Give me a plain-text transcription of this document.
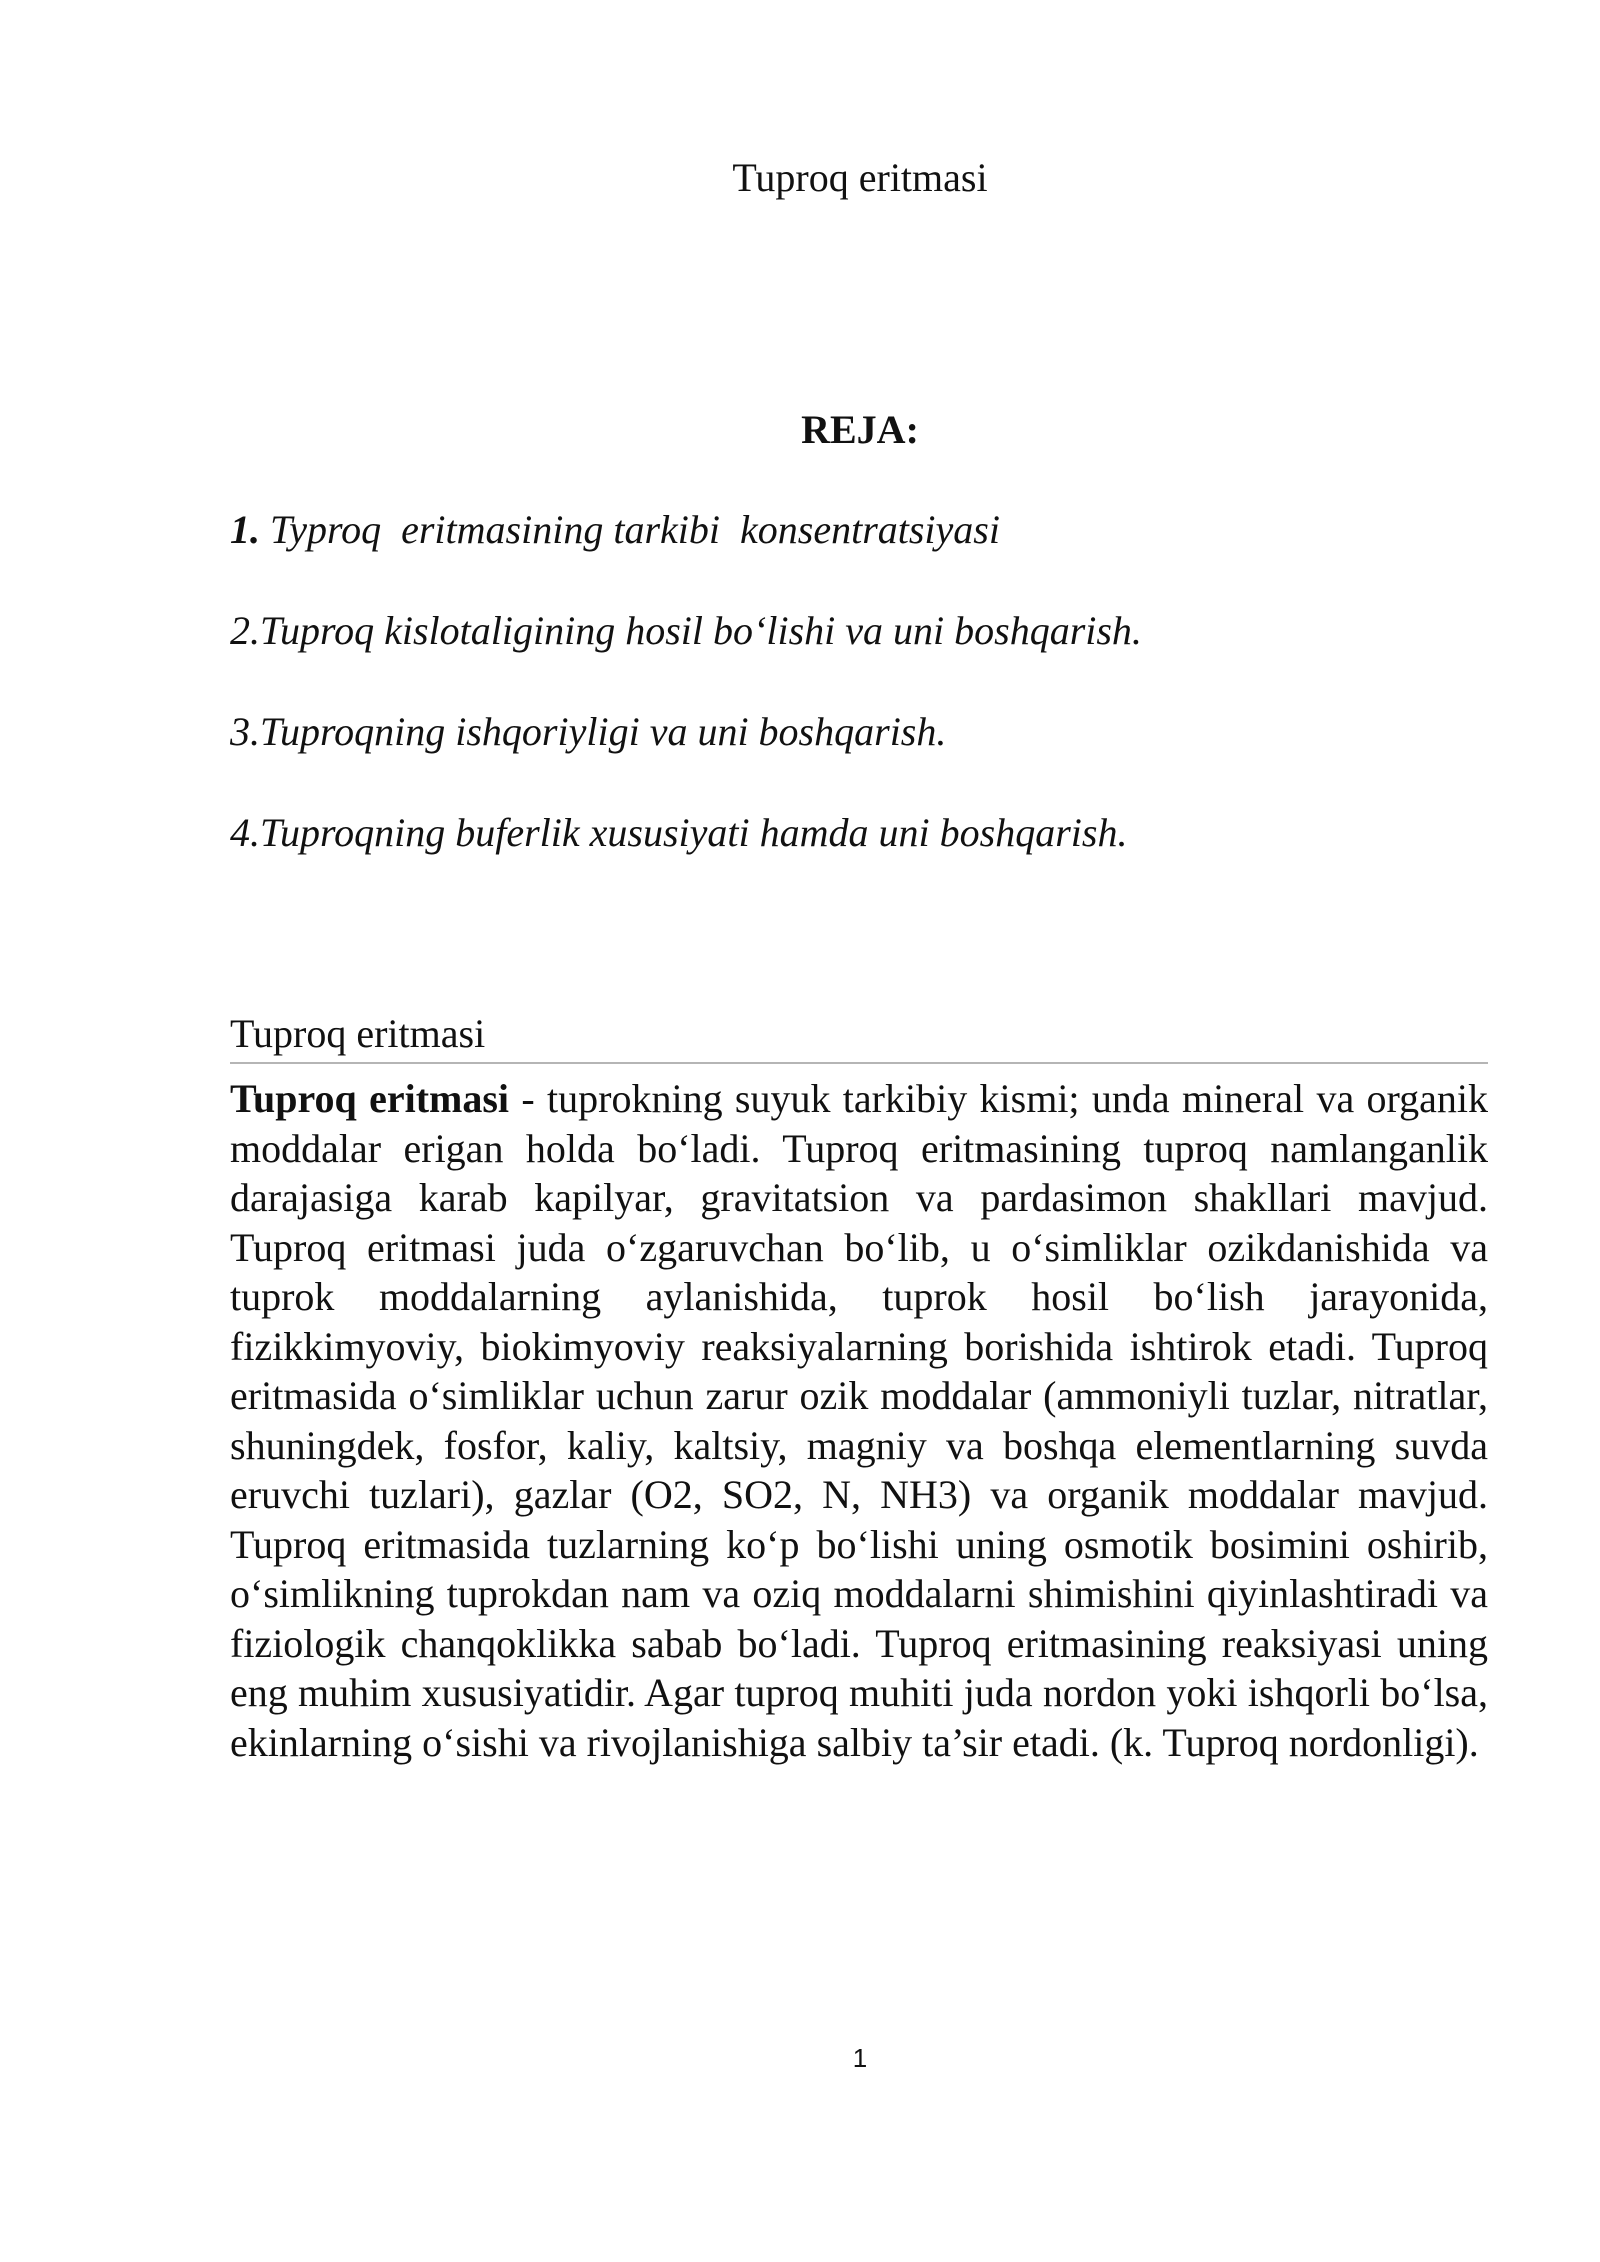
Tuproq eritmasi
REJA:
1. Typroq  eritmasining tarkibi  konsentratsiyasi
2.Tuproq kislotaligining hosil bo‘lishi va uni boshqarish.
3.Tuproqning ishqoriyligi va uni boshqarish.
4.Tuproqning buferlik xususiyati hamda uni boshqarish.
Tuproq eritmasi

Tuproq eritmasi - tuprokning suyuk tarkibiy kismi; unda mineral va organik moddalar erigan holda bo‘ladi. Tuproq eritmasining tuproq namlanganlik darajasiga karab kapilyar, gravitatsion va pardasimon shakllari mavjud. Tuproq eritmasi juda o‘zgaruvchan bo‘lib, u o‘simliklar ozikdanishida va tuprok moddalarning aylanishida, tuprok hosil bo‘lish jarayonida, fizikkimyoviy, biokimyoviy reaksiyalarning borishida ishtirok etadi. Tuproq eritmasida o‘simliklar uchun zarur ozik moddalar (ammoniyli tuzlar, nitratlar, shuningdek, fosfor, kaliy, kaltsiy, magniy va boshqa elementlarning suvda eruvchi tuzlari), gazlar (O2, SO2, N, NH3) va organik moddalar mavjud. Tuproq eritmasida tuzlarning ko‘p bo‘lishi uning osmotik bosimini oshirib, o‘simlikning tuprokdan nam va oziq moddalarni shimishini qiyinlashtiradi va fiziologik chanqoklikka sabab bo‘ladi. Tuproq eritmasining reaksiyasi uning eng muhim xususiyatidir. Agar tuproq muhiti juda nordon yoki ishqorli bo‘lsa, ekinlarning o‘sishi va rivojlanishiga salbiy ta’sir etadi. (k. Tuproq nordonligi).

1
